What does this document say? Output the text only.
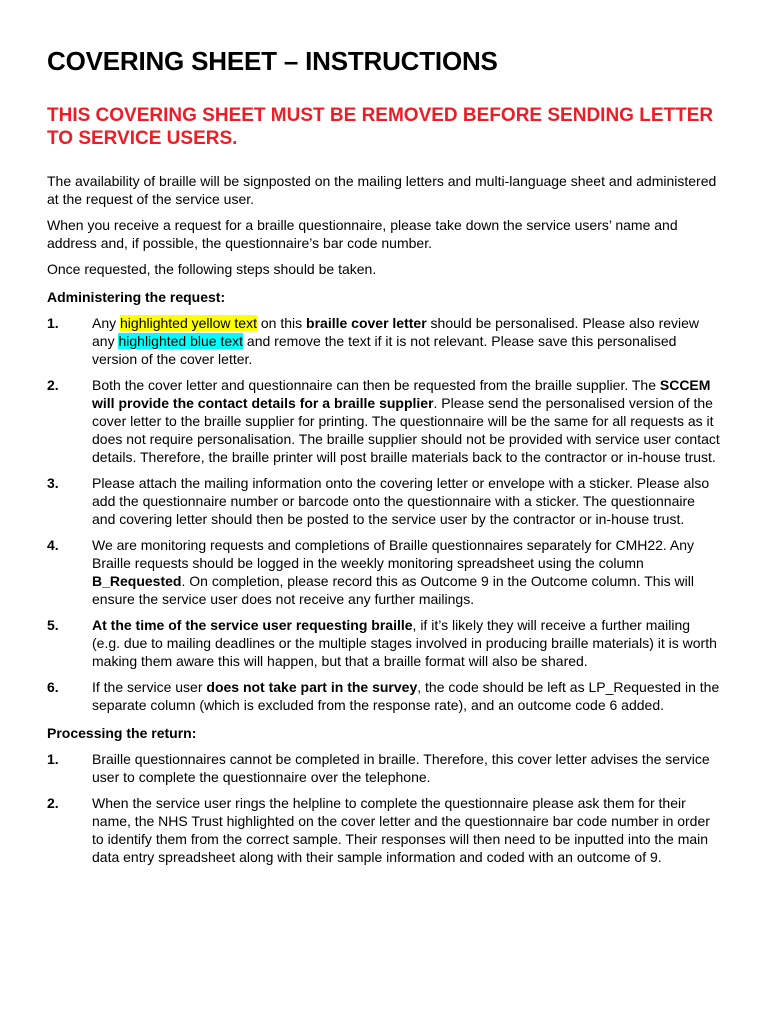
COVERING SHEET – INSTRUCTIONS
THIS COVERING SHEET MUST BE REMOVED BEFORE SENDING LETTER TO SERVICE USERS.

The availability of braille will be signposted on the mailing letters and multi-language sheet and administered at the request of the service user.

When you receive a request for a braille questionnaire, please take down the service users’ name and address and, if possible, the questionnaire’s bar code number.

Once requested, the following steps should be taken.

Administering the request:
1.	Any highlighted yellow text on this braille cover letter should be personalised. Please also review any highlighted blue text and remove the text if it is not relevant. Please save this personalised version of the cover letter.
2.	Both the cover letter and questionnaire can then be requested from the braille supplier. The SCCEM will provide the contact details for a braille supplier. Please send the personalised version of the cover letter to the braille supplier for printing. The questionnaire will be the same for all requests as it does not require personalisation. The braille supplier should not be provided with service user contact details. Therefore, the braille printer will post braille materials back to the contractor or in-house trust.
3.	Please attach the mailing information onto the covering letter or envelope with a sticker. Please also add the questionnaire number or barcode onto the questionnaire with a sticker. The questionnaire and covering letter should then be posted to the service user by the contractor or in-house trust.
4.	We are monitoring requests and completions of Braille questionnaires separately for CMH22. Any Braille requests should be logged in the weekly monitoring spreadsheet using the column B_Requested. On completion, please record this as Outcome 9 in the Outcome column. This will ensure the service user does not receive any further mailings.
5.	At the time of the service user requesting braille, if it’s likely they will receive a further mailing (e.g. due to mailing deadlines or the multiple stages involved in producing braille materials) it is worth making them aware this will happen, but that a braille format will also be shared.
6.	If the service user does not take part in the survey, the code should be left as LP_Requested in the separate column (which is excluded from the response rate), and an outcome code 6 added.
Processing the return:
1.	Braille questionnaires cannot be completed in braille. Therefore, this cover letter advises the service user to complete the questionnaire over the telephone.
2.	When the service user rings the helpline to complete the questionnaire please ask them for their name, the NHS Trust highlighted on the cover letter and the questionnaire bar code number in order to identify them from the correct sample. Their responses will then need to be inputted into the main data entry spreadsheet along with their sample information and coded with an outcome of 9.
